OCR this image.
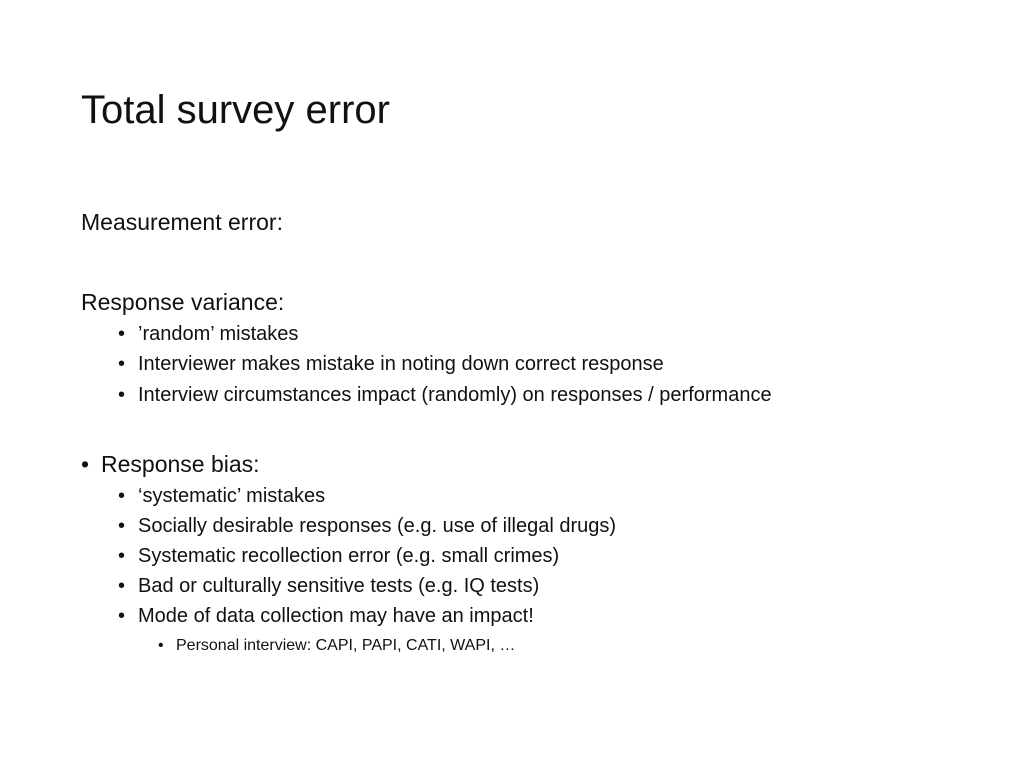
Total survey error
Measurement error:
Response variance:
• ’random’ mistakes
• Interviewer makes mistake in noting down correct response
• Interview circumstances impact (randomly) on responses / performance
• Response bias:
• ‘systematic’ mistakes
• Socially desirable responses (e.g. use of illegal drugs)
• Systematic recollection error (e.g. small crimes)
• Bad or culturally sensitive tests (e.g. IQ tests)
• Mode of data collection may have an impact!
• Personal interview: CAPI, PAPI, CATI, WAPI, …
